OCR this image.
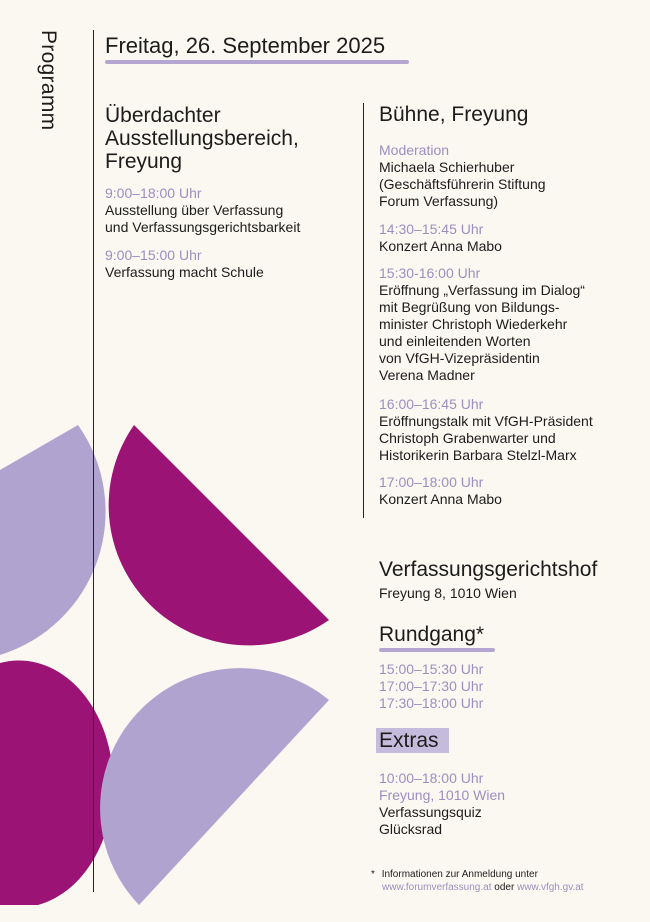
Programm Freitag, 26. September 2025
Überdachter
Ausstellungsbereich,
Freyung
9:00–18:00 Uhr
Ausstellung über Verfassung
und Verfassungsgerichtsbarkeit
9:00–15:00 Uhr
Verfassung macht Schule
Bühne, Freyung
Moderation
Michaela Schierhuber
(Geschäftsführerin Stiftung
Forum Verfassung)
14:30–15:45 Uhr
Konzert Anna Mabo
15:30-16:00 Uhr
Eröffnung „Verfassung im Dialog“
mit Begrüßung von Bildungs-
minister Christoph Wiederkehr
und einleitenden Worten
von VfGH-Vizepräsidentin
Verena Madner
16:00–16:45 Uhr
Eröffnungstalk mit VfGH-Präsident
Christoph Grabenwarter und
Historikerin Barbara Stelzl-Marx
17:00–18:00 Uhr
Konzert Anna Mabo
Verfassungsgerichtshof
Freyung 8, 1010 Wien
Rundgang*
15:00–15:30 Uhr
17:00–17:30 Uhr
17:30–18:00 Uhr
Extras
10:00–18:00 Uhr
Freyung, 1010 Wien
Verfassungsquiz
Glücksrad
* Informationen zur Anmeldung unter
www.forumverfassung.at oder www.vfgh.gv.at
